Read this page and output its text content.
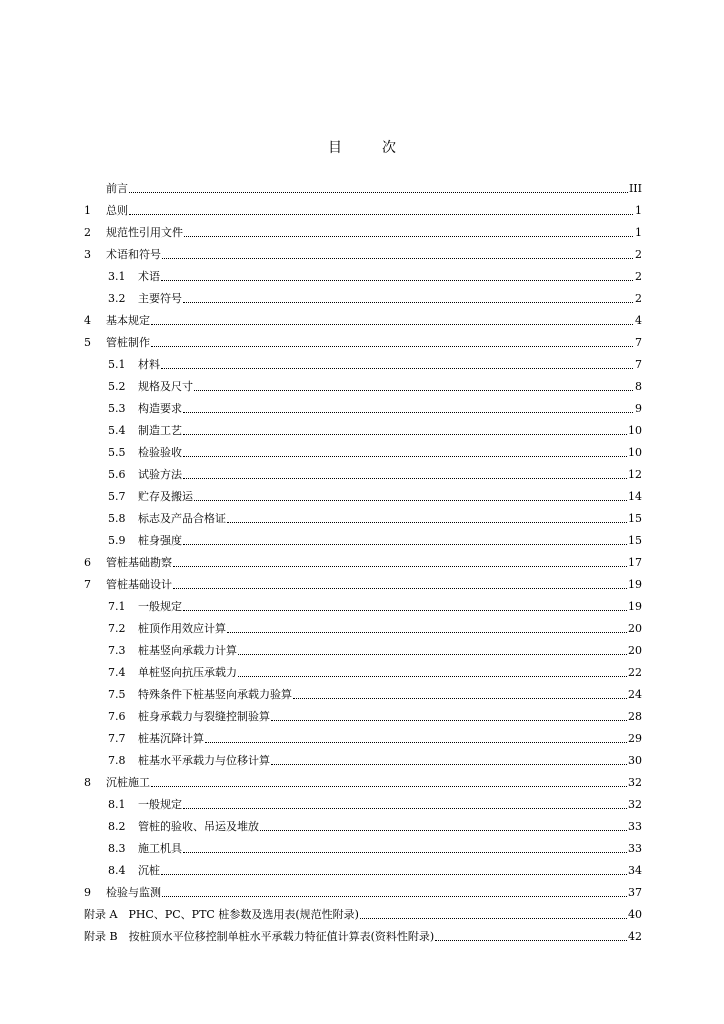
目	次
前言	III
1	总则	1
2	规范性引用文件	1
3	术语和符号	2
3.1	术语	2
3.2	主要符号	2
4	基本规定	4
5	管桩制作	7
5.1	材料	7
5.2	规格及尺寸	8
5.3	构造要求	9
5.4	制造工艺	10
5.5	检验验收	10
5.6	试验方法	12
5.7	贮存及搬运	14
5.8	标志及产品合格证	15
5.9	桩身强度	15
6	管桩基础勘察	17
7	管桩基础设计	19
7.1	一般规定	19
7.2	桩顶作用效应计算	20
7.3	桩基竖向承载力计算	20
7.4	单桩竖向抗压承载力	22
7.5	特殊条件下桩基竖向承载力验算	24
7.6	桩身承载力与裂缝控制验算	28
7.7	桩基沉降计算	29
7.8	桩基水平承载力与位移计算	30
8	沉桩施工	32
8.1	一般规定	32
8.2	管桩的验收、吊运及堆放	33
8.3	施工机具	33
8.4	沉桩	34
9	检验与监测	37
附录 A　PHC、PC、PTC 桩参数及选用表(规范性附录)	40
附录 B　按桩顶水平位移控制单桩水平承载力特征值计算表(资料性附录)	42
